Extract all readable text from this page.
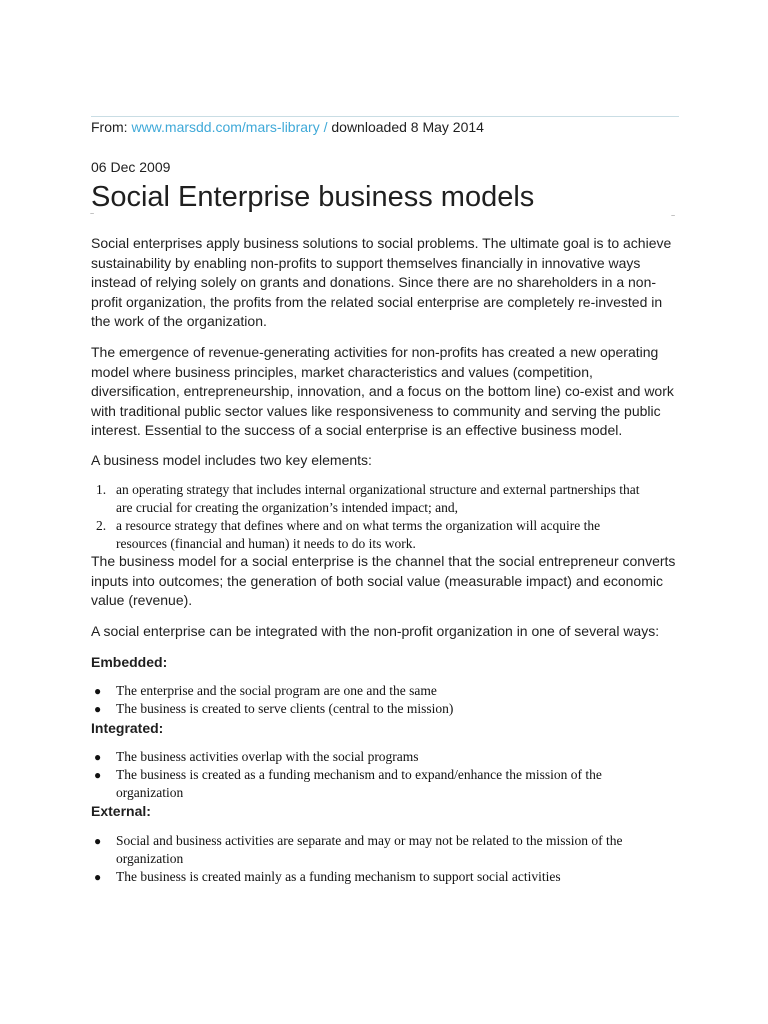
From: www.marsdd.com/mars-library / downloaded 8 May 2014
06 Dec 2009
Social Enterprise business models
~	~

Social enterprises apply business solutions to social problems. The ultimate goal is to achieve sustainability by enabling non-profits to support themselves financially in innovative ways instead of relying solely on grants and donations. Since there are no shareholders in a non-profit organization, the profits from the related social enterprise are completely re-invested in the work of the organization.

The emergence of revenue-generating activities for non-profits has created a new operating model where business principles, market characteristics and values (competition, diversification, entrepreneurship, innovation, and a focus on the bottom line) co-exist and work with traditional public sector values like responsiveness to community and serving the public interest. Essential to the success of a social enterprise is an effective business model.

A business model includes two key elements:

1. an operating strategy that includes internal organizational structure and external partnerships that are crucial for creating the organization’s intended impact; and,
2. a resource strategy that defines where and on what terms the organization will acquire the resources (financial and human) it needs to do its work.

The business model for a social enterprise is the channel that the social entrepreneur converts inputs into outcomes; the generation of both social value (measurable impact) and economic value (revenue).

A social enterprise can be integrated with the non-profit organization in one of several ways:

Embedded:
● The enterprise and the social program are one and the same
● The business is created to serve clients (central to the mission)
Integrated:
● The business activities overlap with the social programs
● The business is created as a funding mechanism and to expand/enhance the mission of the organization
External:
● Social and business activities are separate and may or may not be related to the mission of the organization
● The business is created mainly as a funding mechanism to support social activities
